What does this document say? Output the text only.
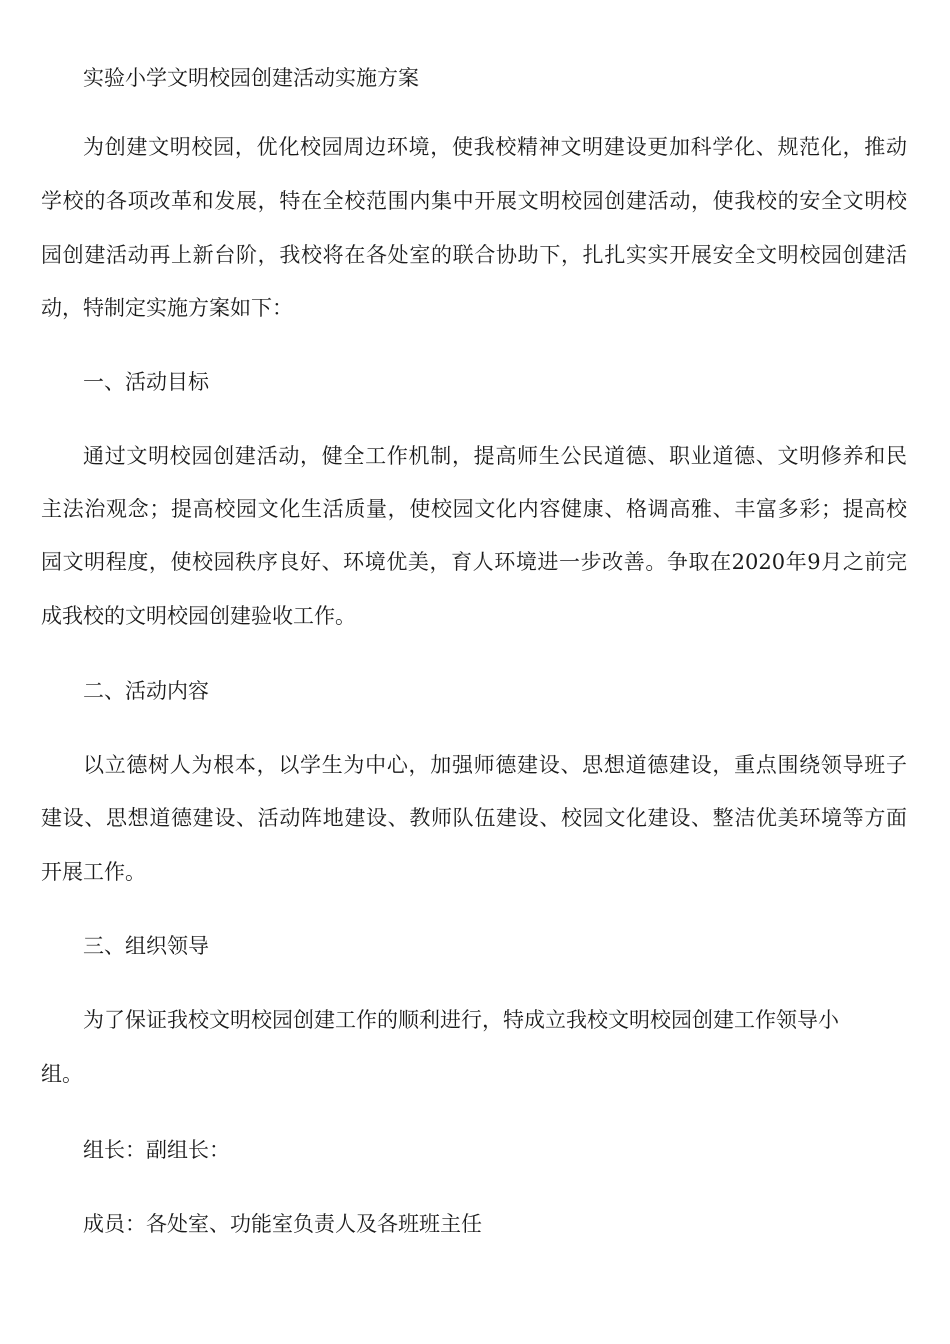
实验小学文明校园创建活动实施方案
为创建文明校园，优化校园周边环境，使我校精神文明建设更加科学化、规范化，推动
学校的各项改革和发展，特在全校范围内集中开展文明校园创建活动，使我校的安全文明校
园创建活动再上新台阶，我校将在各处室的联合协助下，扎扎实实开展安全文明校园创建活
动，特制定实施方案如下：
一、活动目标
通过文明校园创建活动，健全工作机制，提高师生公民道德、职业道德、文明修养和民
主法治观念；提高校园文化生活质量，使校园文化内容健康、格调高雅、丰富多彩；提高校
园文明程度，使校园秩序良好、环境优美，育人环境进一步改善。争取在2020年9月之前完
成我校的文明校园创建验收工作。
二、活动内容
以立德树人为根本，以学生为中心，加强师德建设、思想道德建设，重点围绕领导班子
建设、思想道德建设、活动阵地建设、教师队伍建设、校园文化建设、整洁优美环境等方面
开展工作。
三、组织领导
为了保证我校文明校园创建工作的顺利进行，特成立我校文明校园创建工作领导小
组。
组长：副组长：
成员：各处室、功能室负责人及各班班主任
